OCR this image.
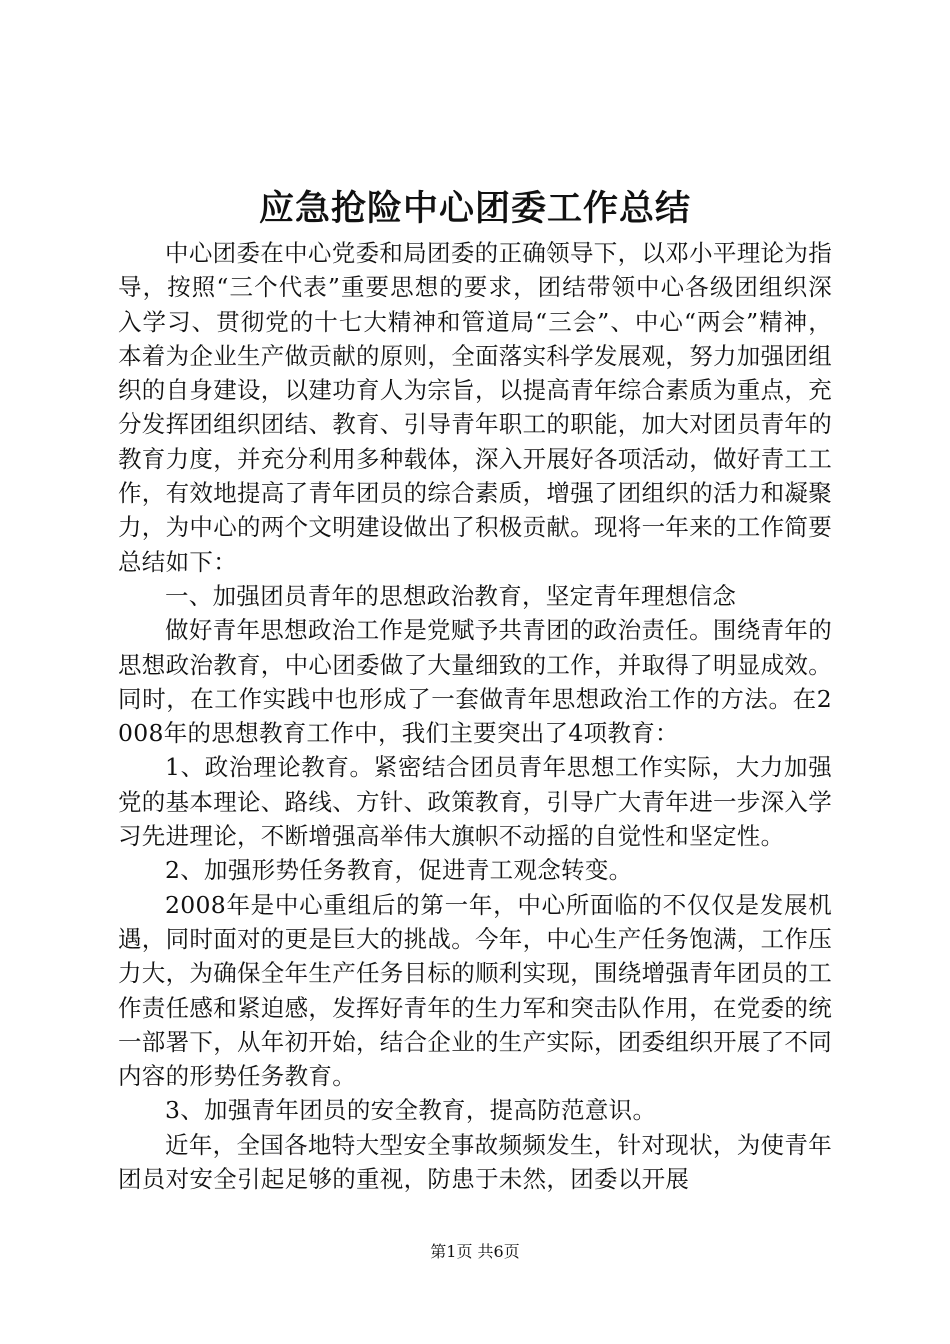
应急抢险中心团委工作总结

中心团委在中心党委和局团委的正确领导下，以邓小平理论为指导，按照“三个代表”重要思想的要求，团结带领中心各级团组织深入学习、贯彻党的十七大精神和管道局“三会”、中心“两会”精神，本着为企业生产做贡献的原则，全面落实科学发展观，努力加强团组织的自身建设，以建功育人为宗旨，以提高青年综合素质为重点，充分发挥团组织团结、教育、引导青年职工的职能，加大对团员青年的教育力度，并充分利用多种载体，深入开展好各项活动，做好青工工作，有效地提高了青年团员的综合素质，增强了团组织的活力和凝聚力，为中心的两个文明建设做出了积极贡献。现将一年来的工作简要总结如下：

一、加强团员青年的思想政治教育，坚定青年理想信念

做好青年思想政治工作是党赋予共青团的政治责任。围绕青年的思想政治教育，中心团委做了大量细致的工作，并取得了明显成效。同时，在工作实践中也形成了一套做青年思想政治工作的方法。在2008年的思想教育工作中，我们主要突出了4项教育：

1、政治理论教育。紧密结合团员青年思想工作实际，大力加强党的基本理论、路线、方针、政策教育，引导广大青年进一步深入学习先进理论，不断增强高举伟大旗帜不动摇的自觉性和坚定性。

2、加强形势任务教育，促进青工观念转变。

2008年是中心重组后的第一年，中心所面临的不仅仅是发展机遇，同时面对的更是巨大的挑战。今年，中心生产任务饱满，工作压力大，为确保全年生产任务目标的顺利实现，围绕增强青年团员的工作责任感和紧迫感，发挥好青年的生力军和突击队作用，在党委的统一部署下，从年初开始，结合企业的生产实际，团委组织开展了不同内容的形势任务教育。

3、加强青年团员的安全教育，提高防范意识。

近年，全国各地特大型安全事故频频发生，针对现状，为使青年团员对安全引起足够的重视，防患于未然，团委以开展

第1页 共6页
